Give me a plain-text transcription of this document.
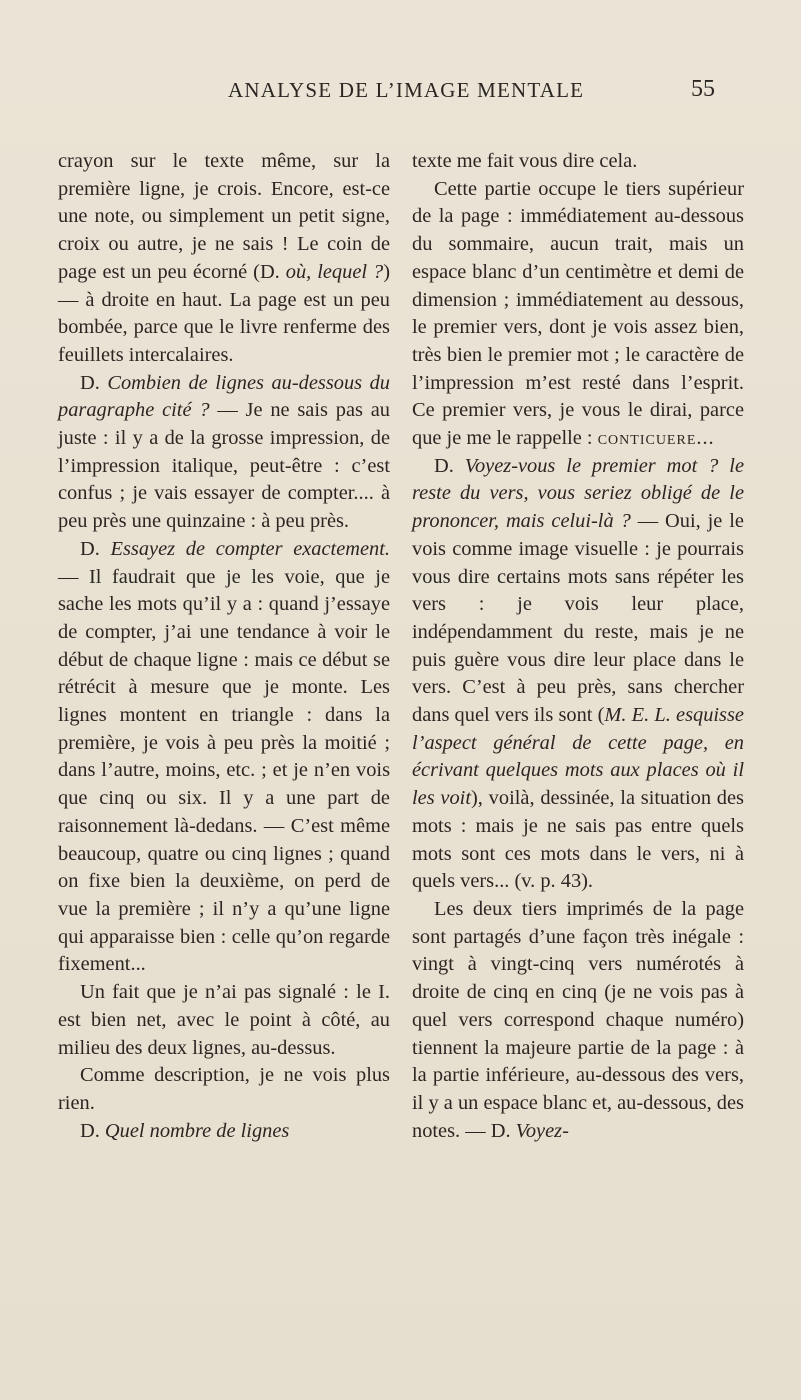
ANALYSE DE L’IMAGE MENTALE	55

crayon sur le texte même, sur la première ligne, je crois. Encore, est-ce une note, ou simplement un petit signe, croix ou autre, je ne sais ! Le coin de page est un peu écorné (D. où, lequel ?) — à droite en haut. La page est un peu bombée, parce que le livre renferme des feuillets intercalaires.

D. Combien de lignes au-dessous du paragraphe cité ? — Je ne sais pas au juste : il y a de la grosse impression, de l’impression italique, peut-être : c’est confus ; je vais essayer de compter.... à peu près une quinzaine : à peu près.

D. Essayez de compter exactement. — Il faudrait que je les voie, que je sache les mots qu’il y a : quand j’essaye de compter, j’ai une tendance à voir le début de chaque ligne : mais ce début se rétrécit à mesure que je monte. Les lignes montent en triangle : dans la première, je vois à peu près la moitié ; dans l’autre, moins, etc. ; et je n’en vois que cinq ou six. Il y a une part de raisonnement là-dedans. — C’est même beaucoup, quatre ou cinq lignes ; quand on fixe bien la deuxième, on perd de vue la première ; il n’y a qu’une ligne qui apparaisse bien : celle qu’on regarde fixement...

Un fait que je n’ai pas signalé : le I. est bien net, avec le point à côté, au milieu des deux lignes, au-dessus.

Comme description, je ne vois plus rien.

D. Quel nombre de lignes

texte me fait vous dire cela.

Cette partie occupe le tiers supérieur de la page : immédiatement au-dessous du sommaire, aucun trait, mais un espace blanc d’un centimètre et demi de dimension ; immédiatement au dessous, le premier vers, dont je vois assez bien, très bien le premier mot ; le caractère de l’impression m’est resté dans l’esprit. Ce premier vers, je vous le dirai, parce que je me le rappelle : conticuere...

D. Voyez-vous le premier mot ? le reste du vers, vous seriez obligé de le prononcer, mais celui-là ? — Oui, je le vois comme image visuelle : je pourrais vous dire certains mots sans répéter les vers : je vois leur place, indépendamment du reste, mais je ne puis guère vous dire leur place dans le vers. C’est à peu près, sans chercher dans quel vers ils sont (M. E. L. esquisse l’aspect général de cette page, en écrivant quelques mots aux places où il les voit), voilà, dessinée, la situation des mots : mais je ne sais pas entre quels mots sont ces mots dans le vers, ni à quels vers... (v. p. 43).

Les deux tiers imprimés de la page sont partagés d’une façon très inégale : vingt à vingt-cinq vers numérotés à droite de cinq en cinq (je ne vois pas à quel vers correspond chaque numéro) tiennent la majeure partie de la page : à la partie inférieure, au-dessous des vers, il y a un espace blanc et, au-dessous, des notes. — D. Voyez-
